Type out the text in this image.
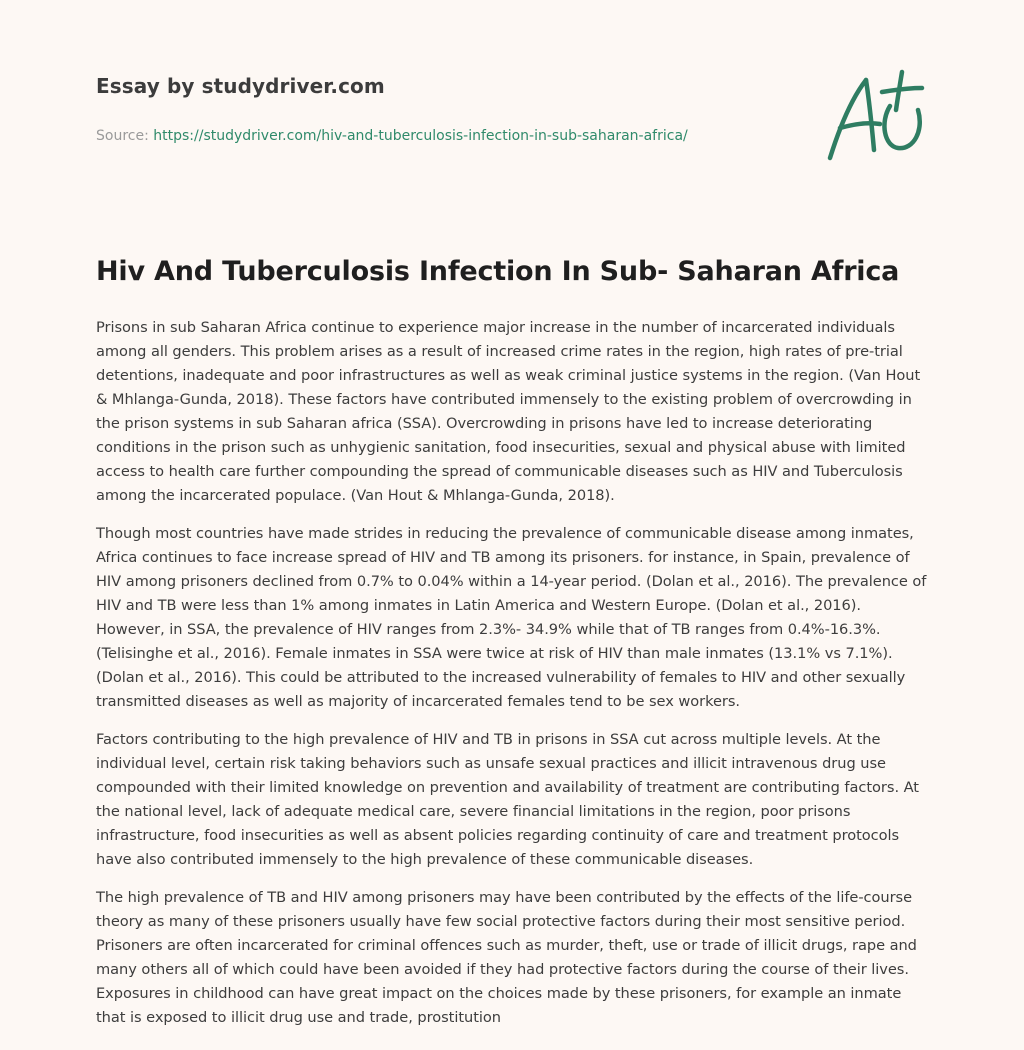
Essay by studydriver.com
Source: https://studydriver.com/hiv-and-tuberculosis-infection-in-sub-saharan-africa/
Hiv And Tuberculosis Infection In Sub- Saharan Africa

Prisons in sub Saharan Africa continue to experience major increase in the number of incarcerated individuals among all genders. This problem arises as a result of increased crime rates in the region, high rates of pre-trial detentions, inadequate and poor infrastructures as well as weak criminal justice systems in the region. (Van Hout & Mhlanga-Gunda, 2018). These factors have contributed immensely to the existing problem of overcrowding in the prison systems in sub Saharan africa (SSA). Overcrowding in prisons have led to increase deteriorating conditions in the prison such as unhygienic sanitation, food insecurities, sexual and physical abuse with limited access to health care further compounding the spread of communicable diseases such as HIV and Tuberculosis among the incarcerated populace. (Van Hout & Mhlanga-Gunda, 2018).

Though most countries have made strides in reducing the prevalence of communicable disease among inmates, Africa continues to face increase spread of HIV and TB among its prisoners. for instance, in Spain, prevalence of HIV among prisoners declined from 0.7% to 0.04% within a 14-year period. (Dolan et al., 2016). The prevalence of HIV and TB were less than 1% among inmates in Latin America and Western Europe. (Dolan et al., 2016). However, in SSA, the prevalence of HIV ranges from 2.3%- 34.9% while that of TB ranges from 0.4%-16.3%. (Telisinghe et al., 2016). Female inmates in SSA were twice at risk of HIV than male inmates (13.1% vs 7.1%). (Dolan et al., 2016). This could be attributed to the increased vulnerability of females to HIV and other sexually transmitted diseases as well as majority of incarcerated females tend to be sex workers.

Factors contributing to the high prevalence of HIV and TB in prisons in SSA cut across multiple levels. At the individual level, certain risk taking behaviors such as unsafe sexual practices and illicit intravenous drug use compounded with their limited knowledge on prevention and availability of treatment are contributing factors. At the national level, lack of adequate medical care, severe financial limitations in the region, poor prisons infrastructure, food insecurities as well as absent policies regarding continuity of care and treatment protocols have also contributed immensely to the high prevalence of these communicable diseases.

The high prevalence of TB and HIV among prisoners may have been contributed by the effects of the life-course theory as many of these prisoners usually have few social protective factors during their most sensitive period. Prisoners are often incarcerated for criminal offences such as murder, theft, use or trade of illicit drugs, rape and many others all of which could have been avoided if they had protective factors during the course of their lives. Exposures in childhood can have great impact on the choices made by these prisoners, for example an inmate that is exposed to illicit drug use and trade, prostitution
